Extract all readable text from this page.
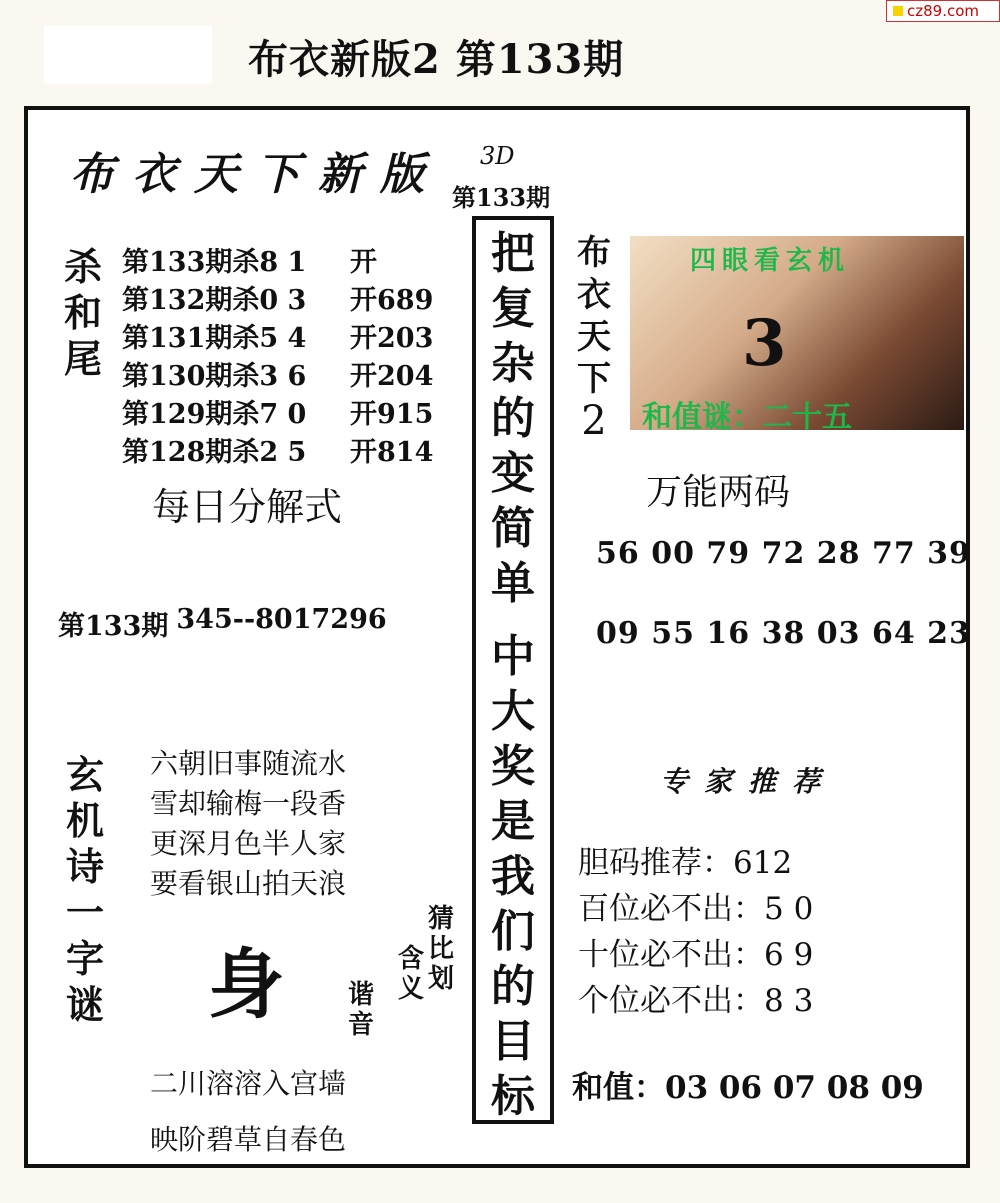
布衣新版2 第133期
cz89.com
布衣天下新版 3D
第133期
杀
和
尾
第133期杀8 1	开
第132期杀0 3	开689
第131期杀5 4	开203
第130期杀3 6	开204
第129期杀7 0	开915
第128期杀2 5	开814
每日分解式
第133期 345--8017296
玄
机
诗
一
字
谜
六朝旧事随流水
雪却输梅一段香
更深月色半人家
要看银山拍天浪
身
猜
比
划
含
义
谐
音
二川溶溶入宫墙
映阶碧草自春色
把
复
杂
的
变
简
单
中
大
奖
是
我
们
的
目
标
布
衣
天
下
2
四眼看玄机
3
和值谜：二十五
万能两码
56 00 79 72 28 77 39
09 55 16 38 03 64 23
专家推荐
胆码推荐：612
百位必不出：5 0
十位必不出：6 9
个位必不出：8 3
和值：03 06 07 08 09
